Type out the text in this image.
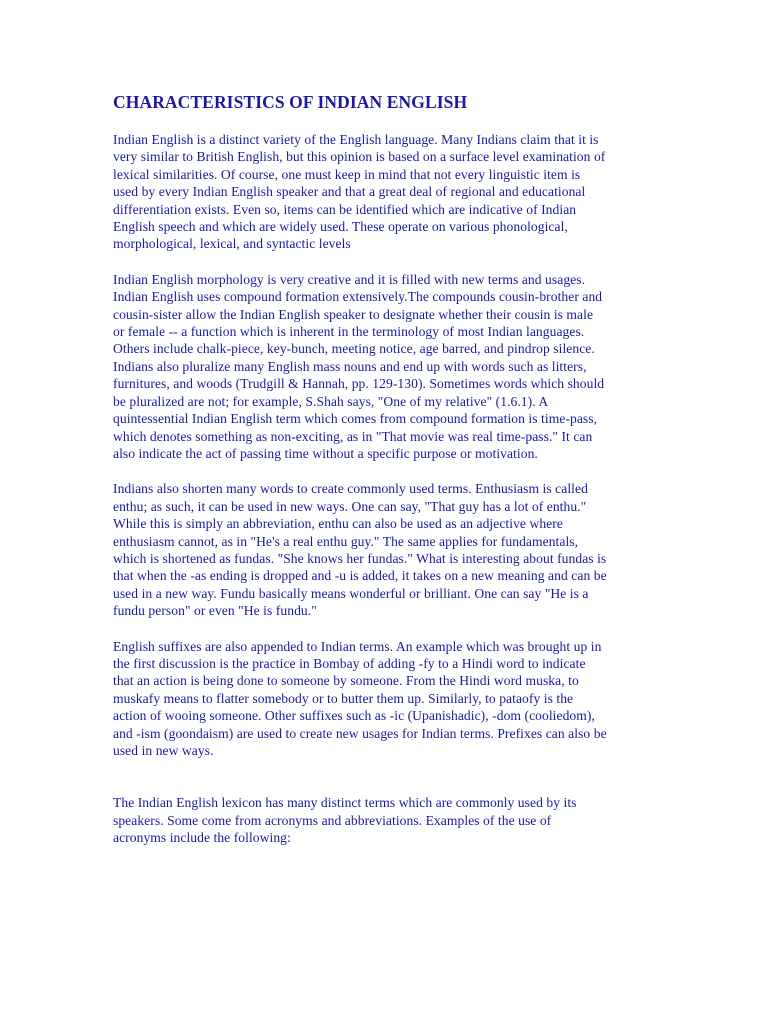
CHARACTERISTICS OF INDIAN ENGLISH

Indian English is a distinct variety of the English language. Many Indians claim that it is
very similar to British English, but this opinion is based on a surface level examination of
lexical similarities. Of course, one must keep in mind that not every linguistic item is
used by every Indian English speaker and that a great deal of regional and educational
differentiation exists. Even so, items can be identified which are indicative of Indian
English speech and which are widely used. These operate on various phonological,
morphological, lexical, and syntactic levels

Indian English morphology is very creative and it is filled with new terms and usages.
Indian English uses compound formation extensively.The compounds cousin-brother and
cousin-sister allow the Indian English speaker to designate whether their cousin is male
or female -- a function which is inherent in the terminology of most Indian languages.
Others include chalk-piece, key-bunch, meeting notice, age barred, and pindrop silence.
Indians also pluralize many English mass nouns and end up with words such as litters,
furnitures, and woods (Trudgill & Hannah, pp. 129-130). Sometimes words which should
be pluralized are not; for example, S.Shah says, "One of my relative" (1.6.1). A
quintessential Indian English term which comes from compound formation is time-pass,
which denotes something as non-exciting, as in "That movie was real time-pass." It can
also indicate the act of passing time without a specific purpose or motivation.

Indians also shorten many words to create commonly used terms. Enthusiasm is called
enthu; as such, it can be used in new ways. One can say, "That guy has a lot of enthu."
While this is simply an abbreviation, enthu can also be used as an adjective where
enthusiasm cannot, as in "He's a real enthu guy." The same applies for fundamentals,
which is shortened as fundas. "She knows her fundas." What is interesting about fundas is
that when the -as ending is dropped and -u is added, it takes on a new meaning and can be
used in a new way. Fundu basically means wonderful or brilliant. One can say "He is a
fundu person" or even "He is fundu."

English suffixes are also appended to Indian terms. An example which was brought up in
the first discussion is the practice in Bombay of adding -fy to a Hindi word to indicate
that an action is being done to someone by someone. From the Hindi word muska, to
muskafy means to flatter somebody or to butter them up. Similarly, to pataofy is the
action of wooing someone. Other suffixes such as -ic (Upanishadic), -dom (cooliedom),
and -ism (goondaism) are used to create new usages for Indian terms. Prefixes can also be
used in new ways.

The Indian English lexicon has many distinct terms which are commonly used by its
speakers. Some come from acronyms and abbreviations. Examples of the use of
acronyms include the following:
